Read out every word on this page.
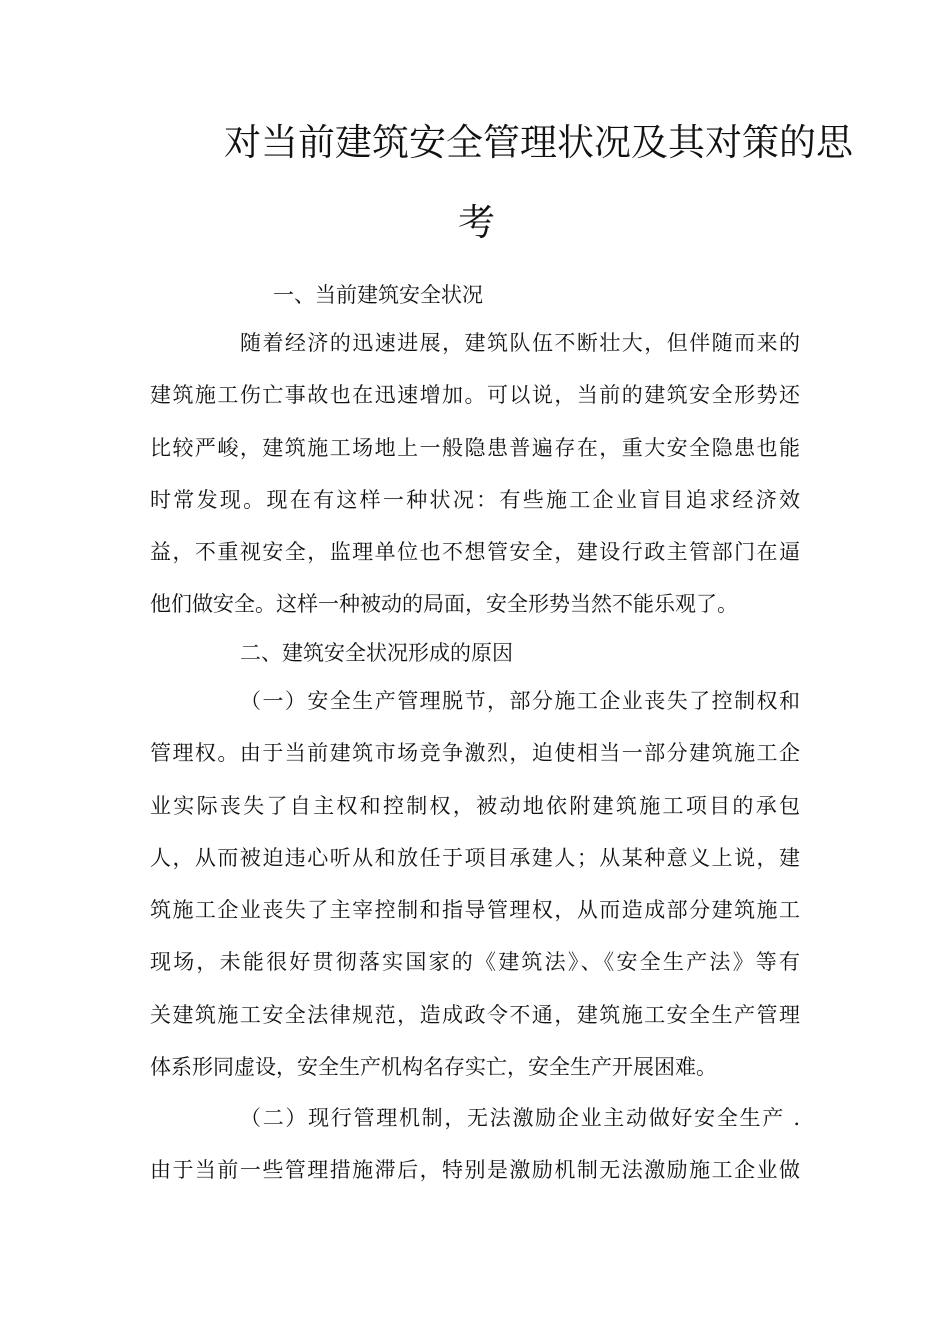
对当前建筑安全管理状况及其对策的思
考
一、当前建筑安全状况
随着经济的迅速进展，建筑队伍不断壮大，但伴随而来的
建筑施工伤亡事故也在迅速增加。可以说，当前的建筑安全形势还
比较严峻，建筑施工场地上一般隐患普遍存在，重大安全隐患也能
时常发现。现在有这样一种状况：有些施工企业盲目追求经济效
益，不重视安全，监理单位也不想管安全，建设行政主管部门在逼
他们做安全。这样一种被动的局面，安全形势当然不能乐观了。
二、建筑安全状况形成的原因
（一）安全生产管理脱节，部分施工企业丧失了控制权和
管理权。由于当前建筑市场竞争激烈，迫使相当一部分建筑施工企
业实际丧失了自主权和控制权，被动地依附建筑施工项目的承包
人，从而被迫违心听从和放任于项目承建人；从某种意义上说，建
筑施工企业丧失了主宰控制和指导管理权，从而造成部分建筑施工
现场，未能很好贯彻落实国家的《建筑法》、《安全生产法》等有
关建筑施工安全法律规范，造成政令不通，建筑施工安全生产管理
体系形同虚设，安全生产机构名存实亡，安全生产开展困难。
（二）现行管理机制，无法激励企业主动做好安全生产 .
由于当前一些管理措施滞后，特别是激励机制无法激励施工企业做
